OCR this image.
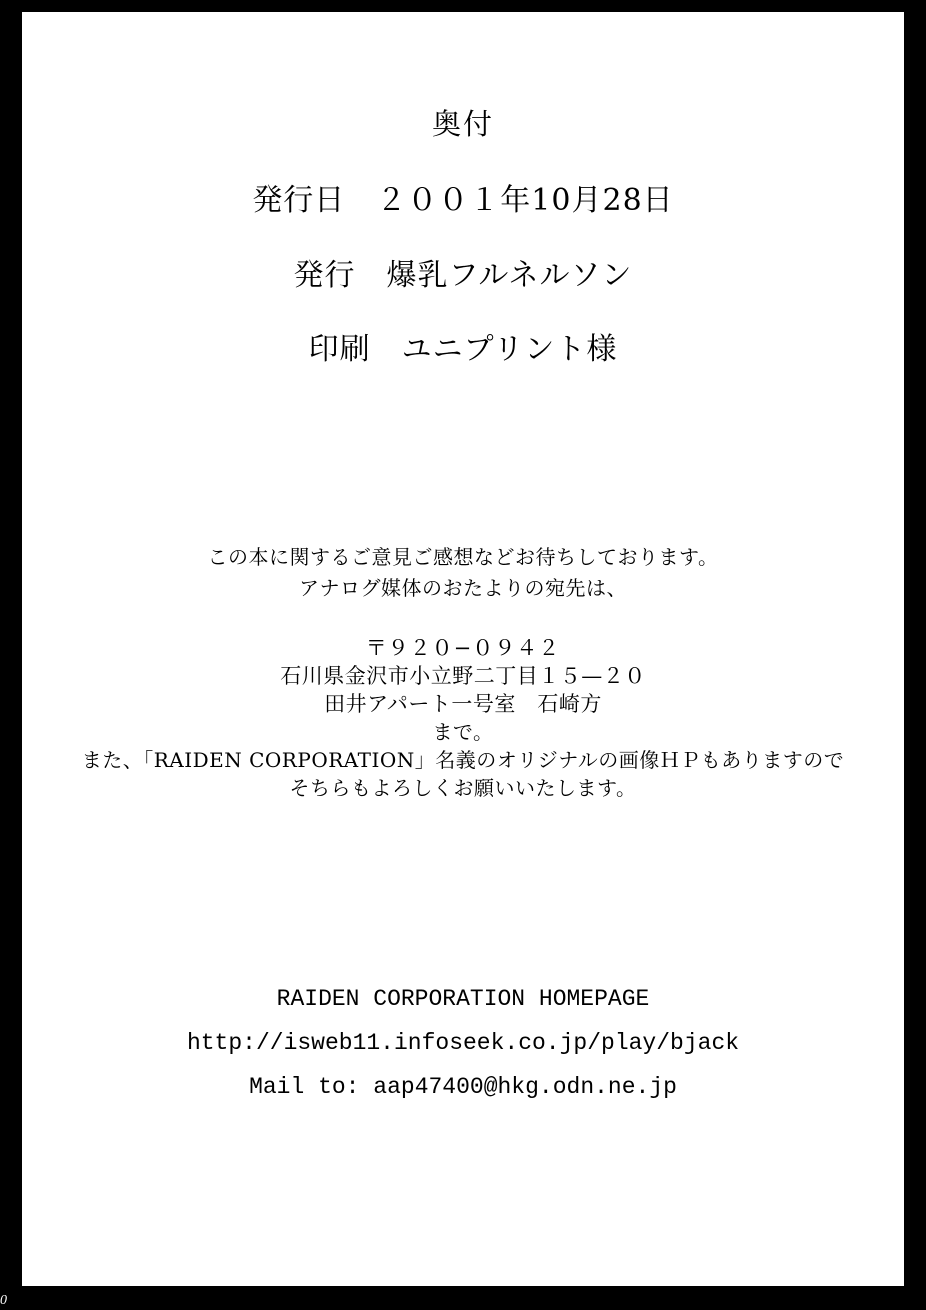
0
奥付
発行日　２００１年10月28日
発行　爆乳フルネルソン
印刷　ユニプリント様
この本に関するご意見ご感想などお待ちしております。
アナログ媒体のおたよりの宛先は、
〒９２０−０９４２
石川県金沢市小立野二丁目１５—２０
田井アパート一号室　石崎方
まで。
また、「RAIDEN CORPORATION」名義のオリジナルの画像ＨＰもありますので
そちらもよろしくお願いいたします。
RAIDEN CORPORATION HOMEPAGE
http://isweb11.infoseek.co.jp/play/bjack
Mail to: aap47400@hkg.odn.ne.jp
